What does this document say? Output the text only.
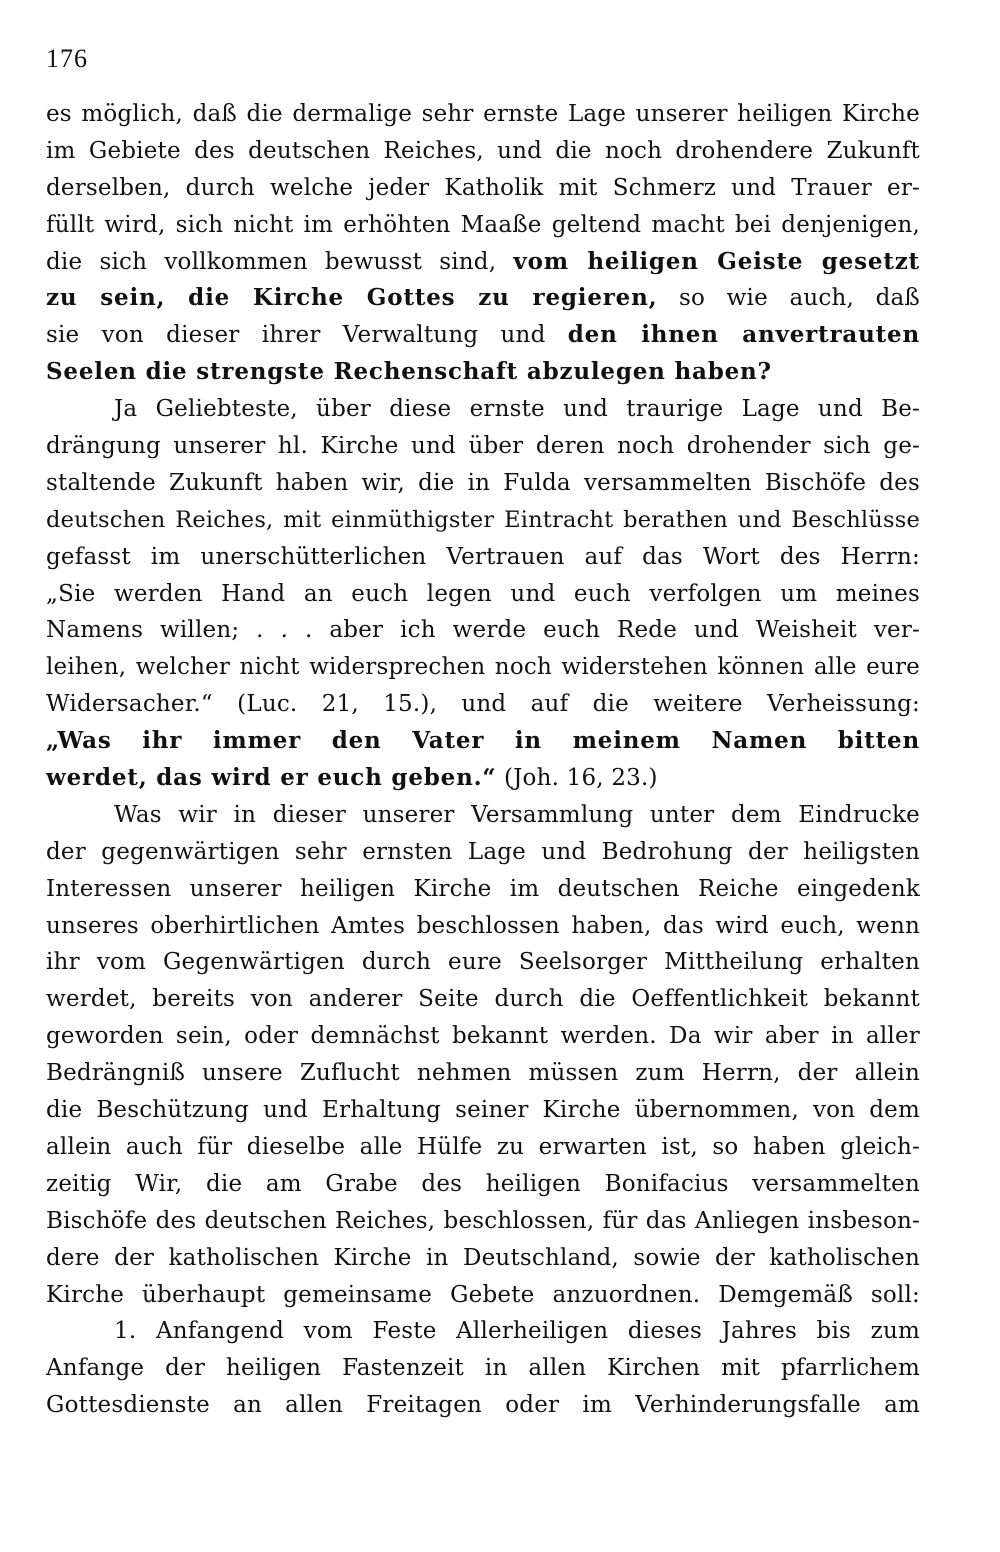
176
es möglich, daß die dermalige sehr ernste Lage unserer heiligen Kirche
im Gebiete des deutschen Reiches, und die noch drohendere Zukunft
derselben, durch welche jeder Katholik mit Schmerz und Trauer er-
füllt wird, sich nicht im erhöhten Maaße geltend macht bei denjenigen,
die sich vollkommen bewusst sind, vom heiligen Geiste gesetzt
zu sein, die Kirche Gottes zu regieren, so wie auch, daß
sie von dieser ihrer Verwaltung und den ihnen anvertrauten
Seelen die strengste Rechenschaft abzulegen haben?
Ja Geliebteste, über diese ernste und traurige Lage und Be-
drängung unserer hl. Kirche und über deren noch drohender sich ge-
staltende Zukunft haben wir, die in Fulda versammelten Bischöfe des
deutschen Reiches, mit einmüthigster Eintracht berathen und Beschlüsse
gefasst im unerschütterlichen Vertrauen auf das Wort des Herrn:
„Sie werden Hand an euch legen und euch verfolgen um meines
Namens willen; . . . aber ich werde euch Rede und Weisheit ver-
leihen, welcher nicht widersprechen noch widerstehen können alle eure
Widersacher.“ (Luc. 21, 15.), und auf die weitere Verheissung:
„Was ihr immer den Vater in meinem Namen bitten
werdet, das wird er euch geben.“ (Joh. 16, 23.)
Was wir in dieser unserer Versammlung unter dem Eindrucke
der gegenwärtigen sehr ernsten Lage und Bedrohung der heiligsten
Interessen unserer heiligen Kirche im deutschen Reiche eingedenk
unseres oberhirtlichen Amtes beschlossen haben, das wird euch, wenn
ihr vom Gegenwärtigen durch eure Seelsorger Mittheilung erhalten
werdet, bereits von anderer Seite durch die Oeffentlichkeit bekannt
geworden sein, oder demnächst bekannt werden. Da wir aber in aller
Bedrängniß unsere Zuflucht nehmen müssen zum Herrn, der allein
die Beschützung und Erhaltung seiner Kirche übernommen, von dem
allein auch für dieselbe alle Hülfe zu erwarten ist, so haben gleich-
zeitig Wir, die am Grabe des heiligen Bonifacius versammelten
Bischöfe des deutschen Reiches, beschlossen, für das Anliegen insbeson-
dere der katholischen Kirche in Deutschland, sowie der katholischen
Kirche überhaupt gemeinsame Gebete anzuordnen. Demgemäß soll:
1. Anfangend vom Feste Allerheiligen dieses Jahres bis zum
Anfange der heiligen Fastenzeit in allen Kirchen mit pfarrlichem
Gottesdienste an allen Freitagen oder im Verhinderungsfalle am
